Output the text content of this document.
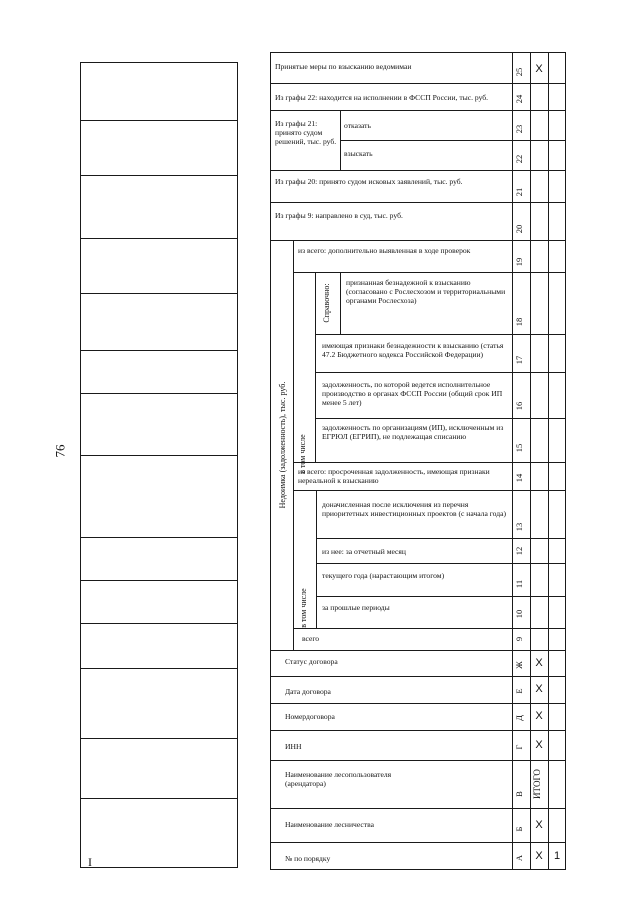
76
I
Принятые меры по взысканию ведомимаи
Из графы 22: находится на исполнении в ФССП России, тыс. руб.
Из графы 21: принято судом решений, тыс. руб.
отказать
взыскать
Из графы 20: принято судом исковых заявлений, тыс. руб.
Из графы 9: направлено в суд, тыс. руб.
из всего: дополнительно выявленная в ходе проверок
признанная безнадежной к взысканию (согласовано с Рослесхозом и территориальными органами Рослесхоза)
имеющая признаки безнадежности к взысканию (статья 47.2 Бюджетного кодекса Российской Федерации)
задолженность, по которой ведется исполнительное производство в органах ФССП России (общий срок ИП менее 5 лет)
задолженность по организациям (ИП), исключенным из ЕГРЮЛ (ЕГРИП), не подлежащая списанию
из всего: просроченная задолженность, имеющая признаки нереальной к взысканию
доначисленная после исключения из перечня приоритетных инвестиционных проектов (с начала года)
из нее: за отчетный месяц
текущего года (нарастающим итогом)
за прошлые периоды
всего
Статус договора
Дата договора
Номердоговора
ИНН
Наименование лесопользователя (арендатора)
Наименование лесничества
№ по порядку
Недоимка (задолженность), тыс. руб. в том числе
Справочно:
в том числе
25
24
23
22
21
20
19
18
17
16
15
14
13
12
11
10
9
Ж
Е
Д
Г
В
Б
А
Х
Х
Х
Х
Х
ИТОГО
Х
Х 1
